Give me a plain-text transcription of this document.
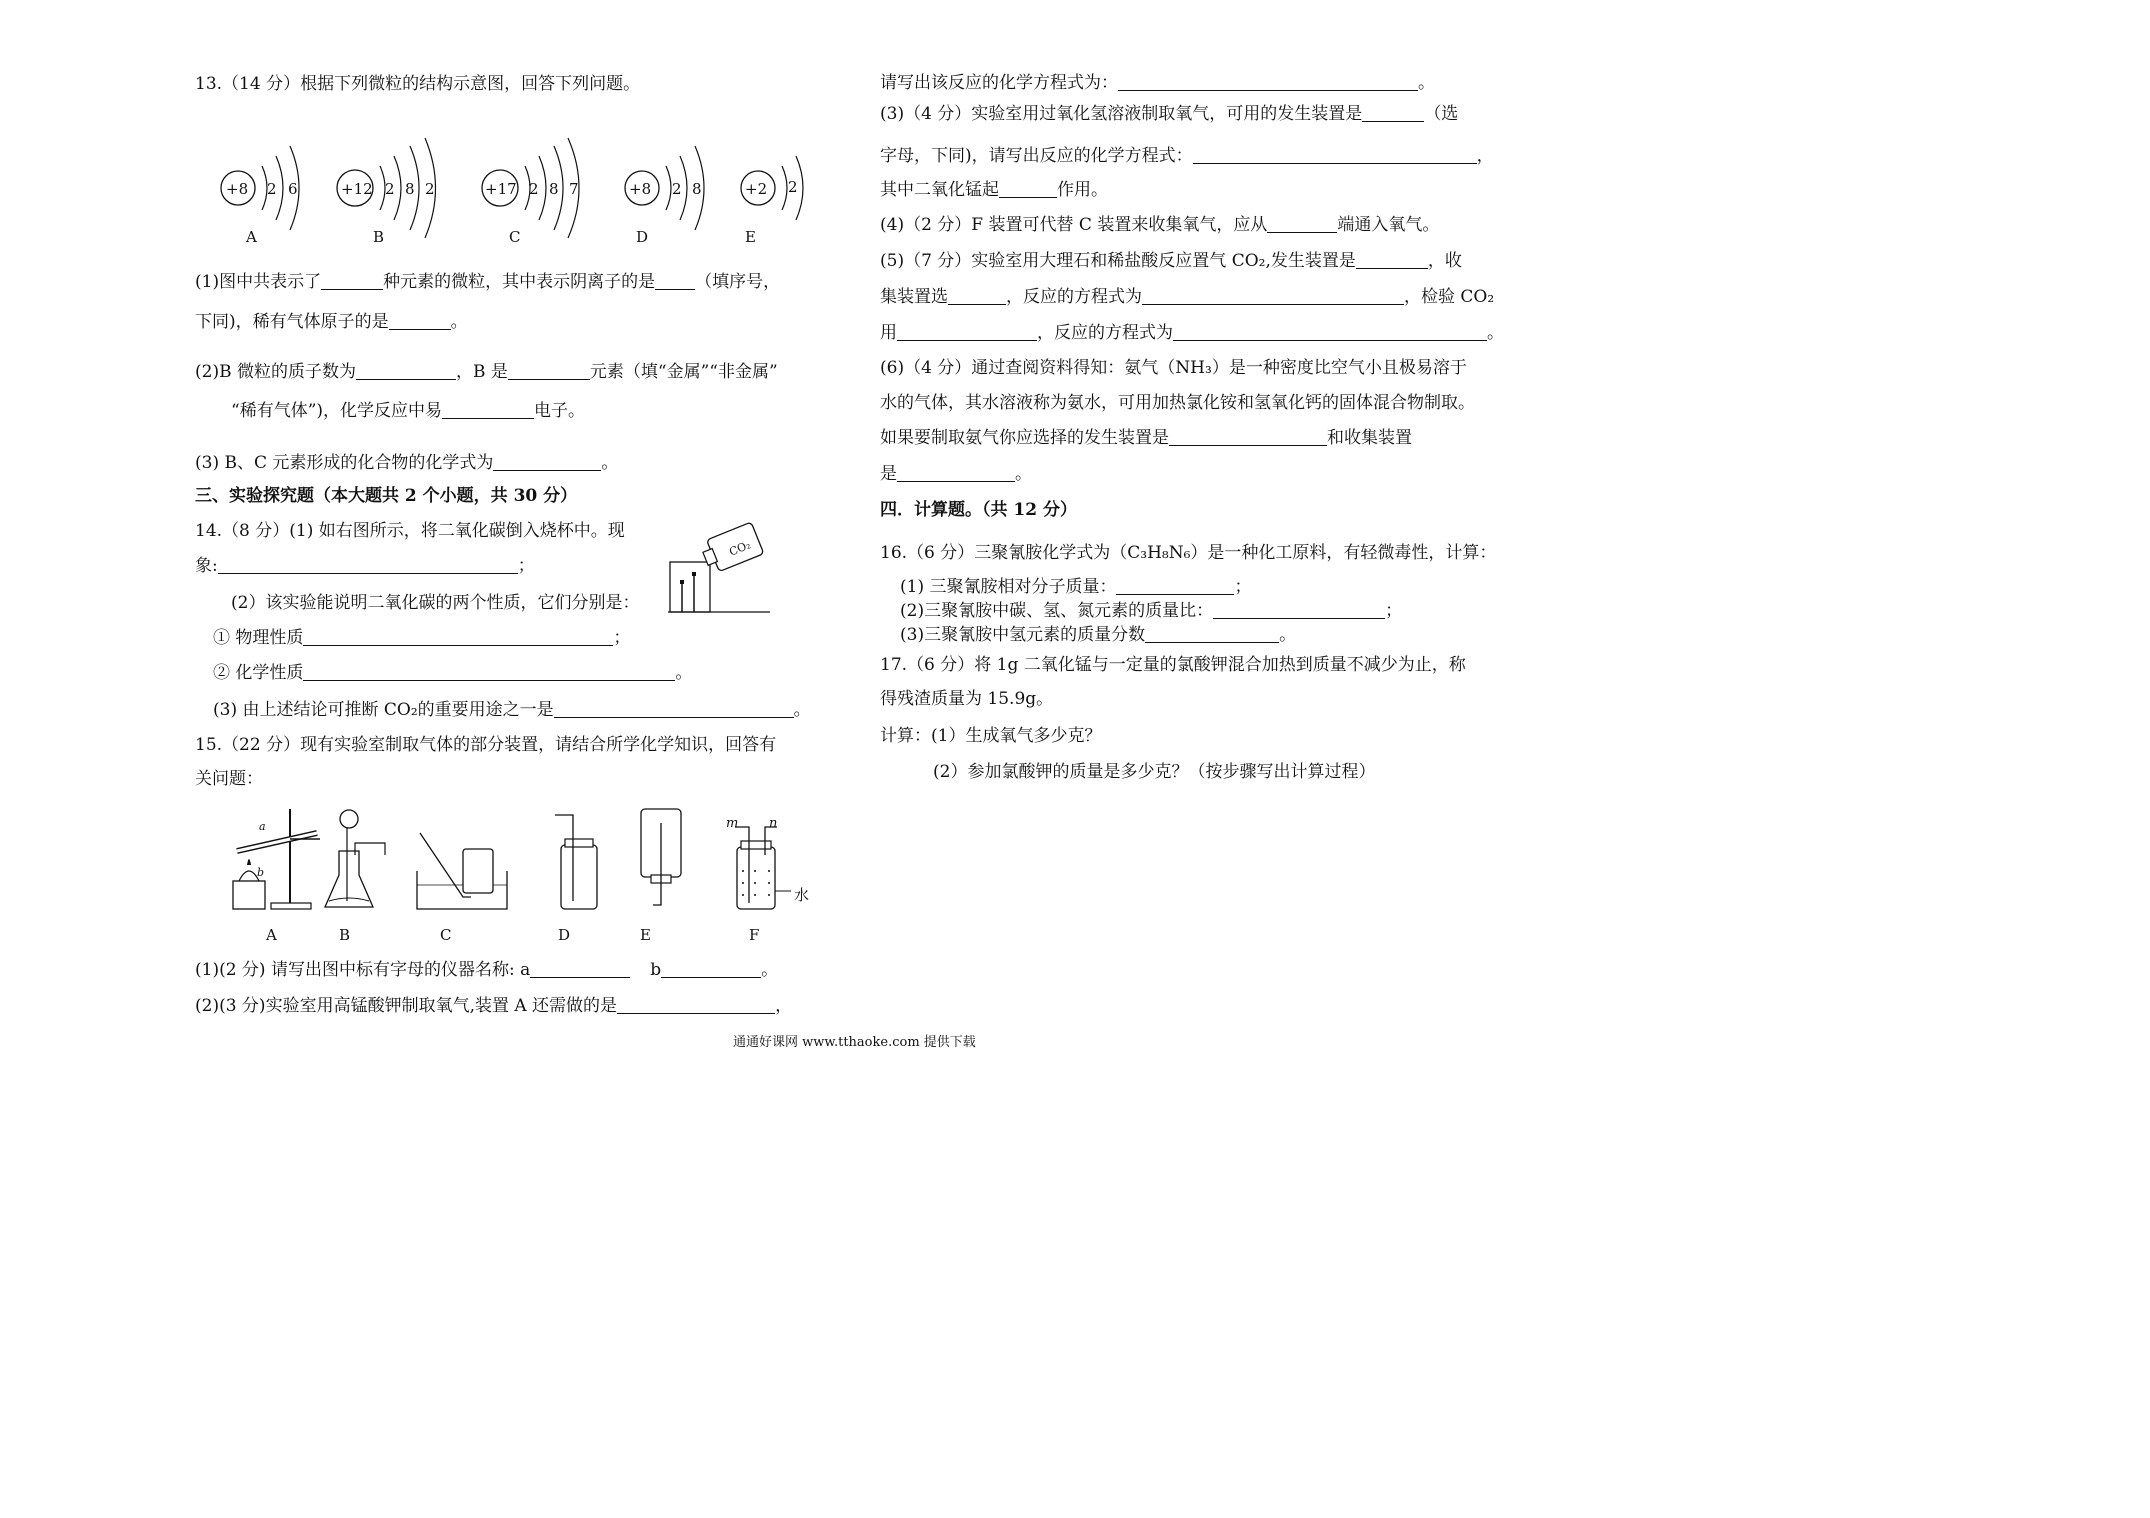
13.（14 分）根据下列微粒的结构示意图，回答下列问题。
+8 2 6
A
+12 2 8 2
B
+17 2 8 7
C
+8 2 8
D
+2 2
E
(1)图中共表示了	种元素的微粒，其中表示阴离子的是 （填序号，
下同)，稀有气体原子的是	。
(2)B 微粒的质子数为	，B 是	元素（填“金属”“非金属”
“稀有气体”)，化学反应中易	电子。
(3) B、C 元素形成的化合物的化学式为	。
三、实验探究题（本大题共 2 个小题，共 30 分）
14.（8 分）(1) 如右图所示，将二氧化碳倒入烧杯中。现
象:	；
(2）该实验能说明二氧化碳的两个性质，它们分别是：
① 物理性质	；
② 化学性质	。
(3) 由上述结论可推断 CO₂的重要用途之一是	。
CO₂
15.（22 分）现有实验室制取气体的部分装置，请结合所学化学知识，回答有
关问题：
a
b
m n
水
A	B	C	D	E	F
(1)(2 分) 请写出图中标有字母的仪器名称: a	b	。
(2)(3 分)实验室用高锰酸钾制取氧气,装置 A 还需做的是	，
通通好课网 www.tthaoke.com 提供下载
请写出该反应的化学方程式为：	。
(3)（4 分）实验室用过氧化氢溶液制取氧气，可用的发生装置是	（选
字母，下同)，请写出反应的化学方程式：	，
其中二氧化锰起	作用。
(4)（2 分）F 装置可代替 C 装置来收集氧气，应从	端通入氧气。
(5)（7 分）实验室用大理石和稀盐酸反应置气 CO₂,发生装置是	，收
集装置选	，反应的方程式为	，检验 CO₂
用	，反应的方程式为	。
(6)（4 分）通过查阅资料得知：氨气（NH₃）是一种密度比空气小且极易溶于
水的气体，其水溶液称为氨水，可用加热氯化铵和氢氧化钙的固体混合物制取。
如果要制取氨气你应选择的发生装置是	和收集装置
是	。
四．计算题。（共 12 分）
16.（6 分）三聚氰胺化学式为（C₃H₈N₆）是一种化工原料，有轻微毒性，计算：
(1) 三聚氰胺相对分子质量：	；
(2)三聚氰胺中碳、氢、氮元素的质量比：	；
(3)三聚氰胺中氢元素的质量分数	。
17.（6 分）将 1g 二氧化锰与一定量的氯酸钾混合加热到质量不减少为止，称
得残渣质量为 15.9g。
计算：(1）生成氧气多少克？
(2）参加氯酸钾的质量是多少克？（按步骤写出计算过程）
